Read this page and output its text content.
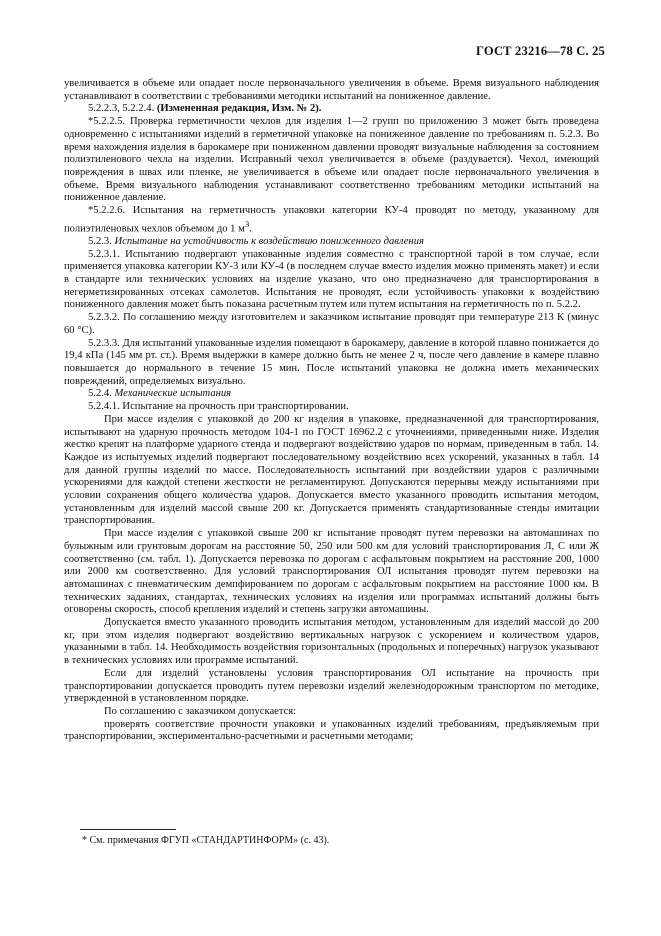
ГОСТ 23216—78 С. 25

увеличивается в объеме или опадает после первоначального увеличения в объеме. Время визуального наблюдения устанавливают в соответствии с требованиями методики испытаний на пониженное давление.

5.2.2.3, 5.2.2.4. (Измененная редакция, Изм. № 2).

*5.2.2.5. Проверка герметичности чехлов для изделия 1—2 групп по приложению 3 может быть проведена одновременно с испытаниями изделий в герметичной упаковке на пониженное давление по требованиям п. 5.2.3. Во время нахождения изделия в барокамере при пониженном давлении проводят визуальные наблюдения за состоянием полиэтиленового чехла на изделии. Исправный чехол увеличивается в объеме (раздувается). Чехол, имеющий повреждения в швах или пленке, не увеличивается в объеме или опадает после первоначального увеличения в объеме. Время визуального наблюдения устанавливают соответственно требованиям методики испытаний на пониженное давление.

*5.2.2.6. Испытания на герметичность упаковки категории КУ-4 проводят по методу, указанному для полиэтиленовых чехлов объемом до 1 $м^3$.

5.2.3. Испытание на устойчивость к воздействию пониженного давления

5.2.3.1. Испытанию подвергают упакованные изделия совместно с транспортной тарой в том случае, если применяется упаковка категории КУ-3 или КУ-4 (в последнем случае вместо изделия можно применять макет) и если в стандарте или технических условиях на изделие указано, что оно предназначено для транспортирования в негерметизированных отсеках самолетов. Испытания не проводят, если устойчивость упаковки к воздействию пониженного давления может быть показана расчетным путем или путем испытания на герметичность по п. 5.2.2.

5.2.3.2. По соглашению между изготовителем и заказчиком испытание проводят при температуре 213 К (минус 60 °С).

5.2.3.3. Для испытаний упакованные изделия помещают в барокамеру, давление в которой плавно понижается до 19,4 кПа (145 мм рт. ст.). Время выдержки в камере должно быть не менее 2 ч, после чего давление в камере плавно повышается до нормального в течение 15 мин. После испытаний упаковка не должна иметь механических повреждений, определяемых визуально.

5.2.4. Механические испытания

5.2.4.1. Испытание на прочность при транспортировании.

При массе изделия с упаковкой до 200 кг изделия в упаковке, предназначенной для транспортирования, испытывают на ударную прочность методом 104-1 по ГОСТ 16962.2 с уточнениями, приведенными ниже. Изделия жестко крепят на платформе ударного стенда и подвергают воздействию ударов по нормам, приведенным в табл. 14. Каждое из испытуемых изделий подвергают последовательному воздействию всех ускорений, указанных в табл. 14 для данной группы изделий по массе. Последовательность испытаний при воздействии ударов с различными ускорениями для каждой степени жесткости не регламентируют. Допускаются перерывы между испытаниями при условии сохранения общего количества ударов. Допускается вместо указанного проводить испытания методом, установленным для изделий массой свыше 200 кг. Допускается применять стандартизованные стенды имитации транспортирования.

При массе изделия с упаковкой свыше 200 кг испытание проводят путем перевозки на автомашинах по булыжным или грунтовым дорогам на расстояние 50, 250 или 500 км для условий транспортирования Л, С или Ж соответственно (см. табл. 1). Допускается перевозка по дорогам с асфальтовым покрытием на расстояние 200, 1000 или 2000 км соответственно. Для условий транспортирования ОЛ испытания проводят путем перевозки на автомашинах с пневматическим демпфированием по дорогам с асфальтовым покрытием на расстояние 1000 км. В технических заданиях, стандартах, технических условиях на изделия или программах испытаний должны быть оговорены скорость, способ крепления изделий и степень загрузки автомашины.

Допускается вместо указанного проводить испытания методом, установленным для изделий массой до 200 кг, при этом изделия подвергают воздействию вертикальных нагрузок с ускорением и количеством ударов, указанными в табл. 14. Необходимость воздействия горизонтальных (продольных и поперечных) нагрузок указывают в технических условиях или программе испытаний.

Если для изделий установлены условия транспортирования ОЛ испытание на прочность при транспортировании допускается проводить путем перевозки изделий железнодорожным транспортом по методике, утвержденной в установленном порядке.

По соглашению с заказчиком допускается:

проверять соответствие прочности упаковки и упакованных изделий требованиям, предъявляемым при транспортировании, экспериментально-расчетными и расчетными методами;

* См. примечания ФГУП «СТАНДАРТИНФОРМ» (с. 43).
